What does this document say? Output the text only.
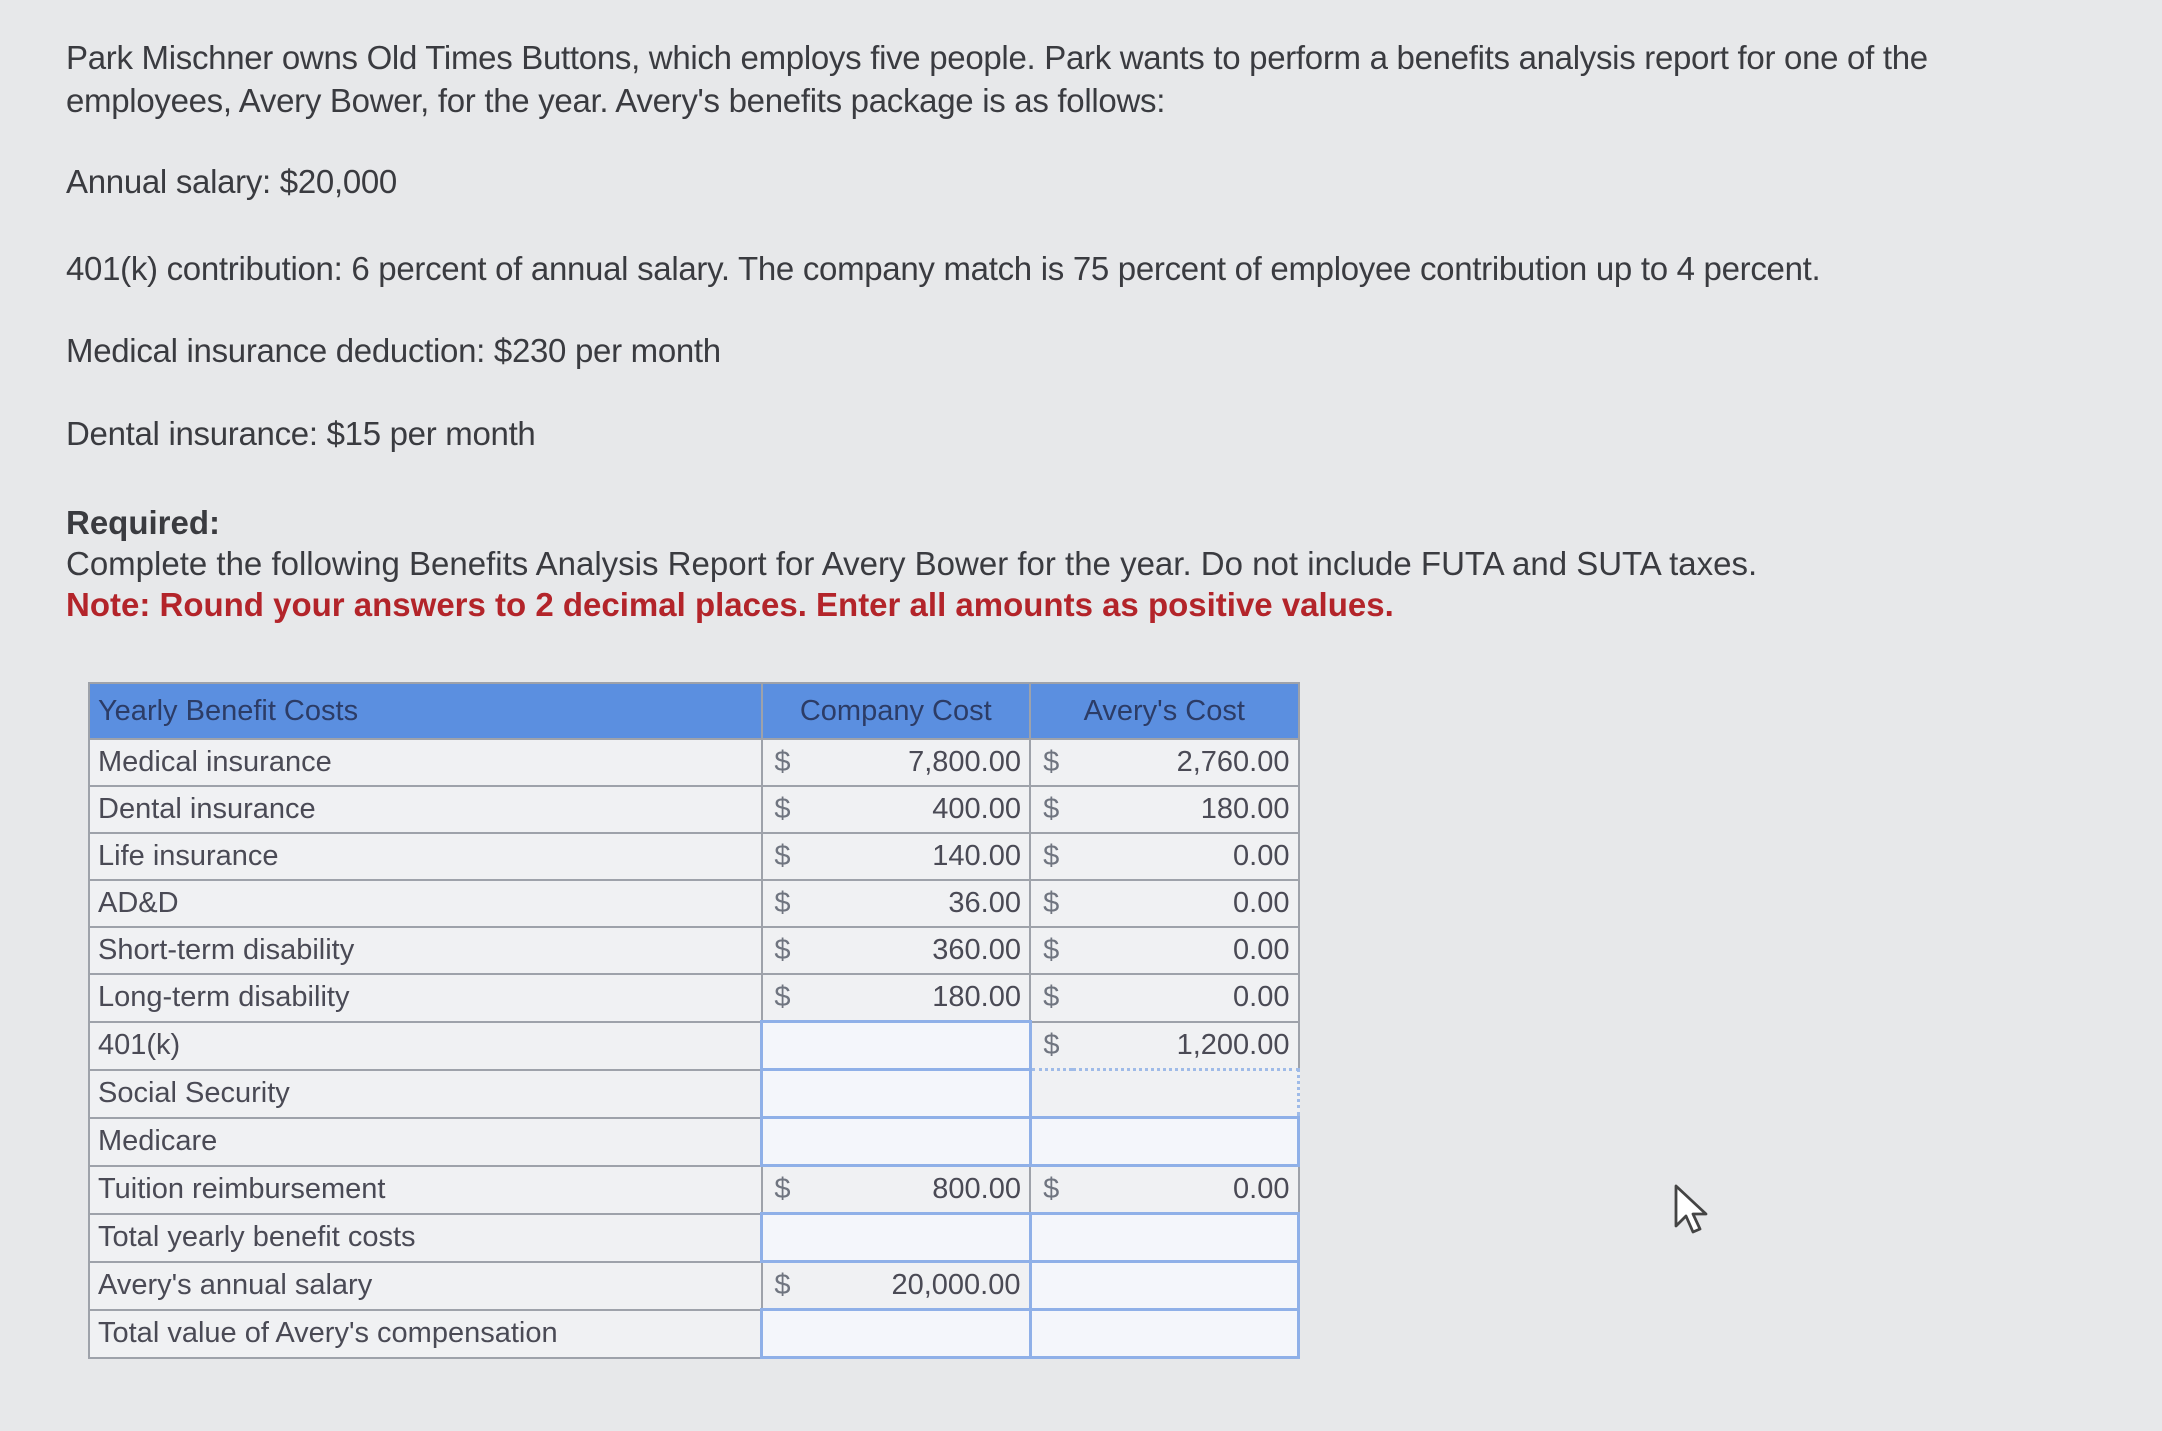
Park Mischner owns Old Times Buttons, which employs five people. Park wants to perform a benefits analysis report for one of the employees, Avery Bower, for the year. Avery's benefits package is as follows:

Annual salary: $20,000

401(k) contribution: 6 percent of annual salary. The company match is 75 percent of employee contribution up to 4 percent.

Medical insurance deduction: $230 per month

Dental insurance: $15 per month

Required:
Complete the following Benefits Analysis Report for Avery Bower for the year. Do not include FUTA and SUTA taxes.
Note: Round your answers to 2 decimal places. Enter all amounts as positive values.
Yearly Benefit Costs	Company Cost		Avery's Cost	
Medical insurance	$	7,800.00	$	2,760.00
Dental insurance	$	400.00	$	180.00
Life insurance	$	140.00	$	0.00
AD&D	$	36.00	$	0.00
Short-term disability	$	360.00	$	0.00
Long-term disability	$	180.00	$	0.00
401(k)			$	1,200.00
Social Security				
Medicare				
Tuition reimbursement	$	800.00	$	0.00
Total yearly benefit costs				
Avery's annual salary	$	20,000.00		
Total value of Avery's compensation				
